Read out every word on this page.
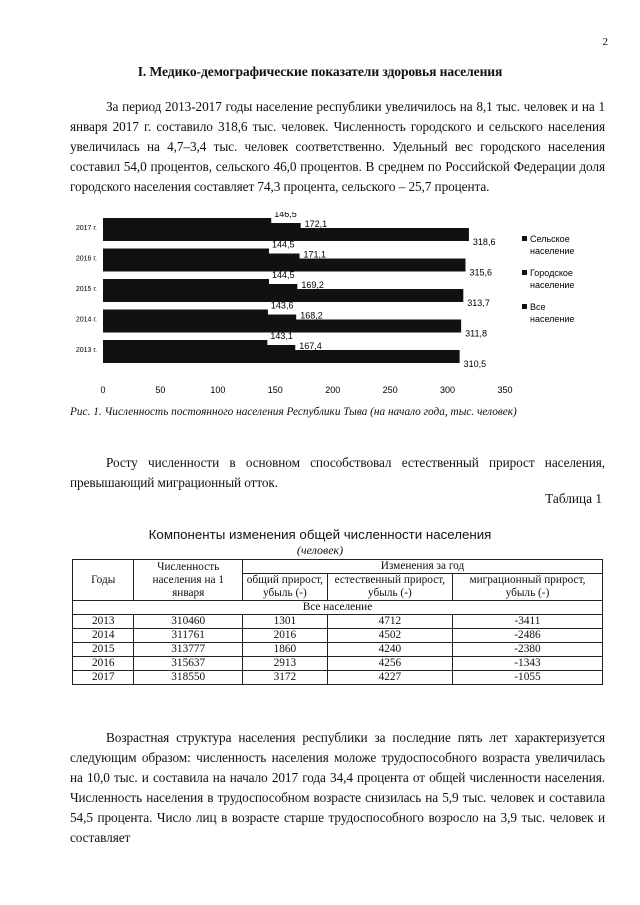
2
I. Медико-демографические показатели здоровья населения
За период 2013-2017 годы население республики увеличилось на 8,1 тыс. человек и на 1 января 2017 г. составило 318,6 тыс. человек. Численность городского и сельского населения увеличилась на 4,7–3,4 тыс. человек соответственно. Удельный вес городского населения составил 54,0 процентов, сельского 46,0 процентов. В среднем по Российской Федерации доля городского населения составляет 74,3 процента, сельского – 25,7 процента.
146,5
172,1
318,6
2017 г.
144,5
171,1
315,6
2016 г.
144,5
169,2
313,7
2015 г.
143,6
168,2
311,8
2014 г.
143,1
167,4
310,5
2013 г.
0	50	100	150	200	250	300	350
Сельское
население
Городское
население
Все
население
Рис. 1. Численность постоянного населения Республики Тыва (на начало года, тыс. человек)
Росту численности в основном способствовал естественный прирост населения, превышающий миграционный отток.
Таблица 1
Компоненты изменения общей численности населения
(человек)
Годы	Численность населения на 1 января	Изменения за год		
		общий прирост, убыль (-)	естественный прирост, убыль (-)	миграционный прирост, убыль (-)
Все население				
2013	310460	1301	4712	-3411
2014	311761	2016	4502	-2486
2015	313777	1860	4240	-2380
2016	315637	2913	4256	-1343
2017	318550	3172	4227	-1055
Возрастная структура населения республики за последние пять лет характеризуется следующим образом: численность населения моложе трудоспособного возраста увеличилась на 10,0 тыс. и составила на начало 2017 года 34,4 процента от общей численности населения. Численность населения в трудоспособном возрасте снизилась на 5,9 тыс. человек и составила 54,5 процента. Число лиц в возрасте старше трудоспособного возросло на 3,9 тыс. человек и составляет
